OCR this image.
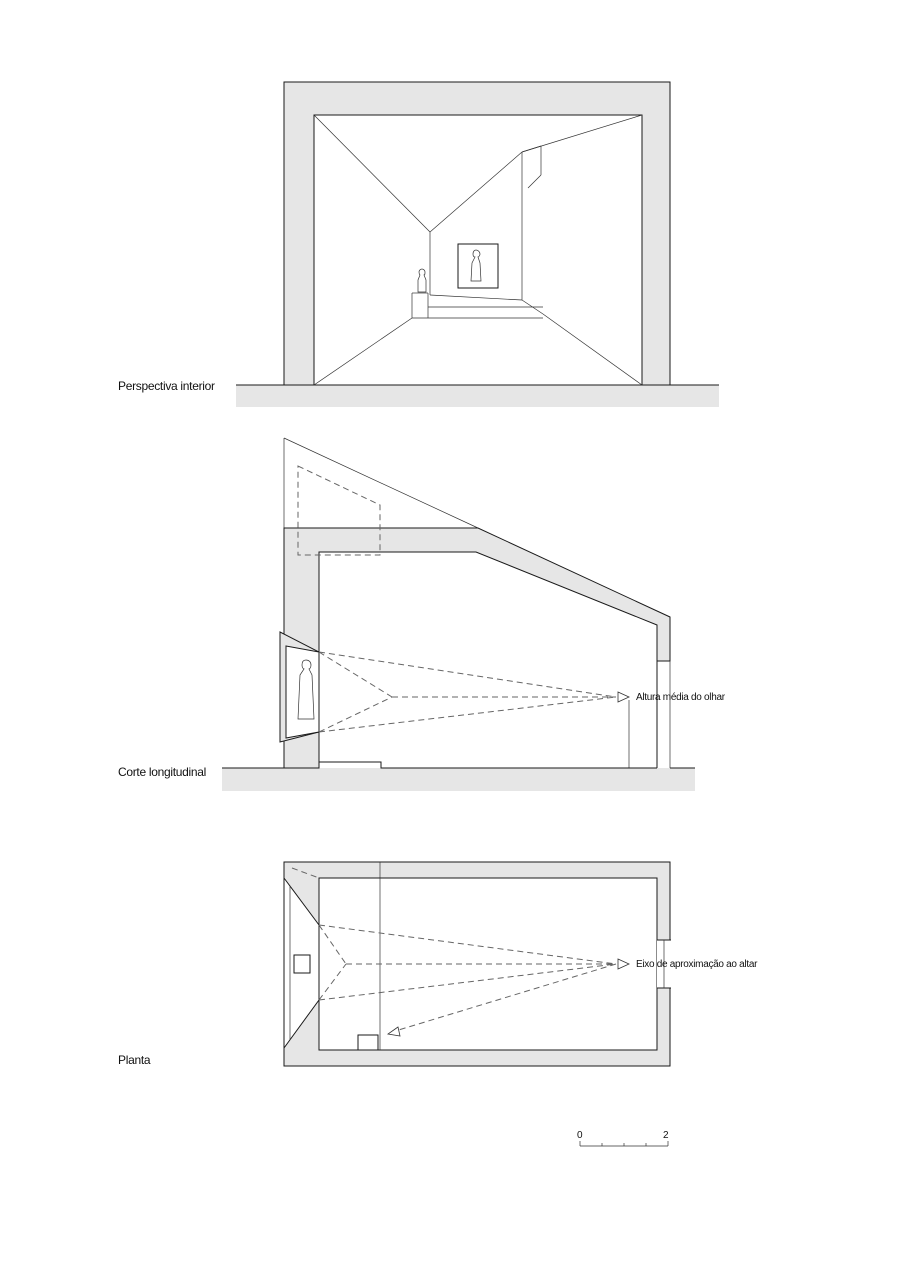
Perspectiva interior
Altura média do olhar
Corte longitudinal
Eixo de aproximação ao altar
Planta
0	2
